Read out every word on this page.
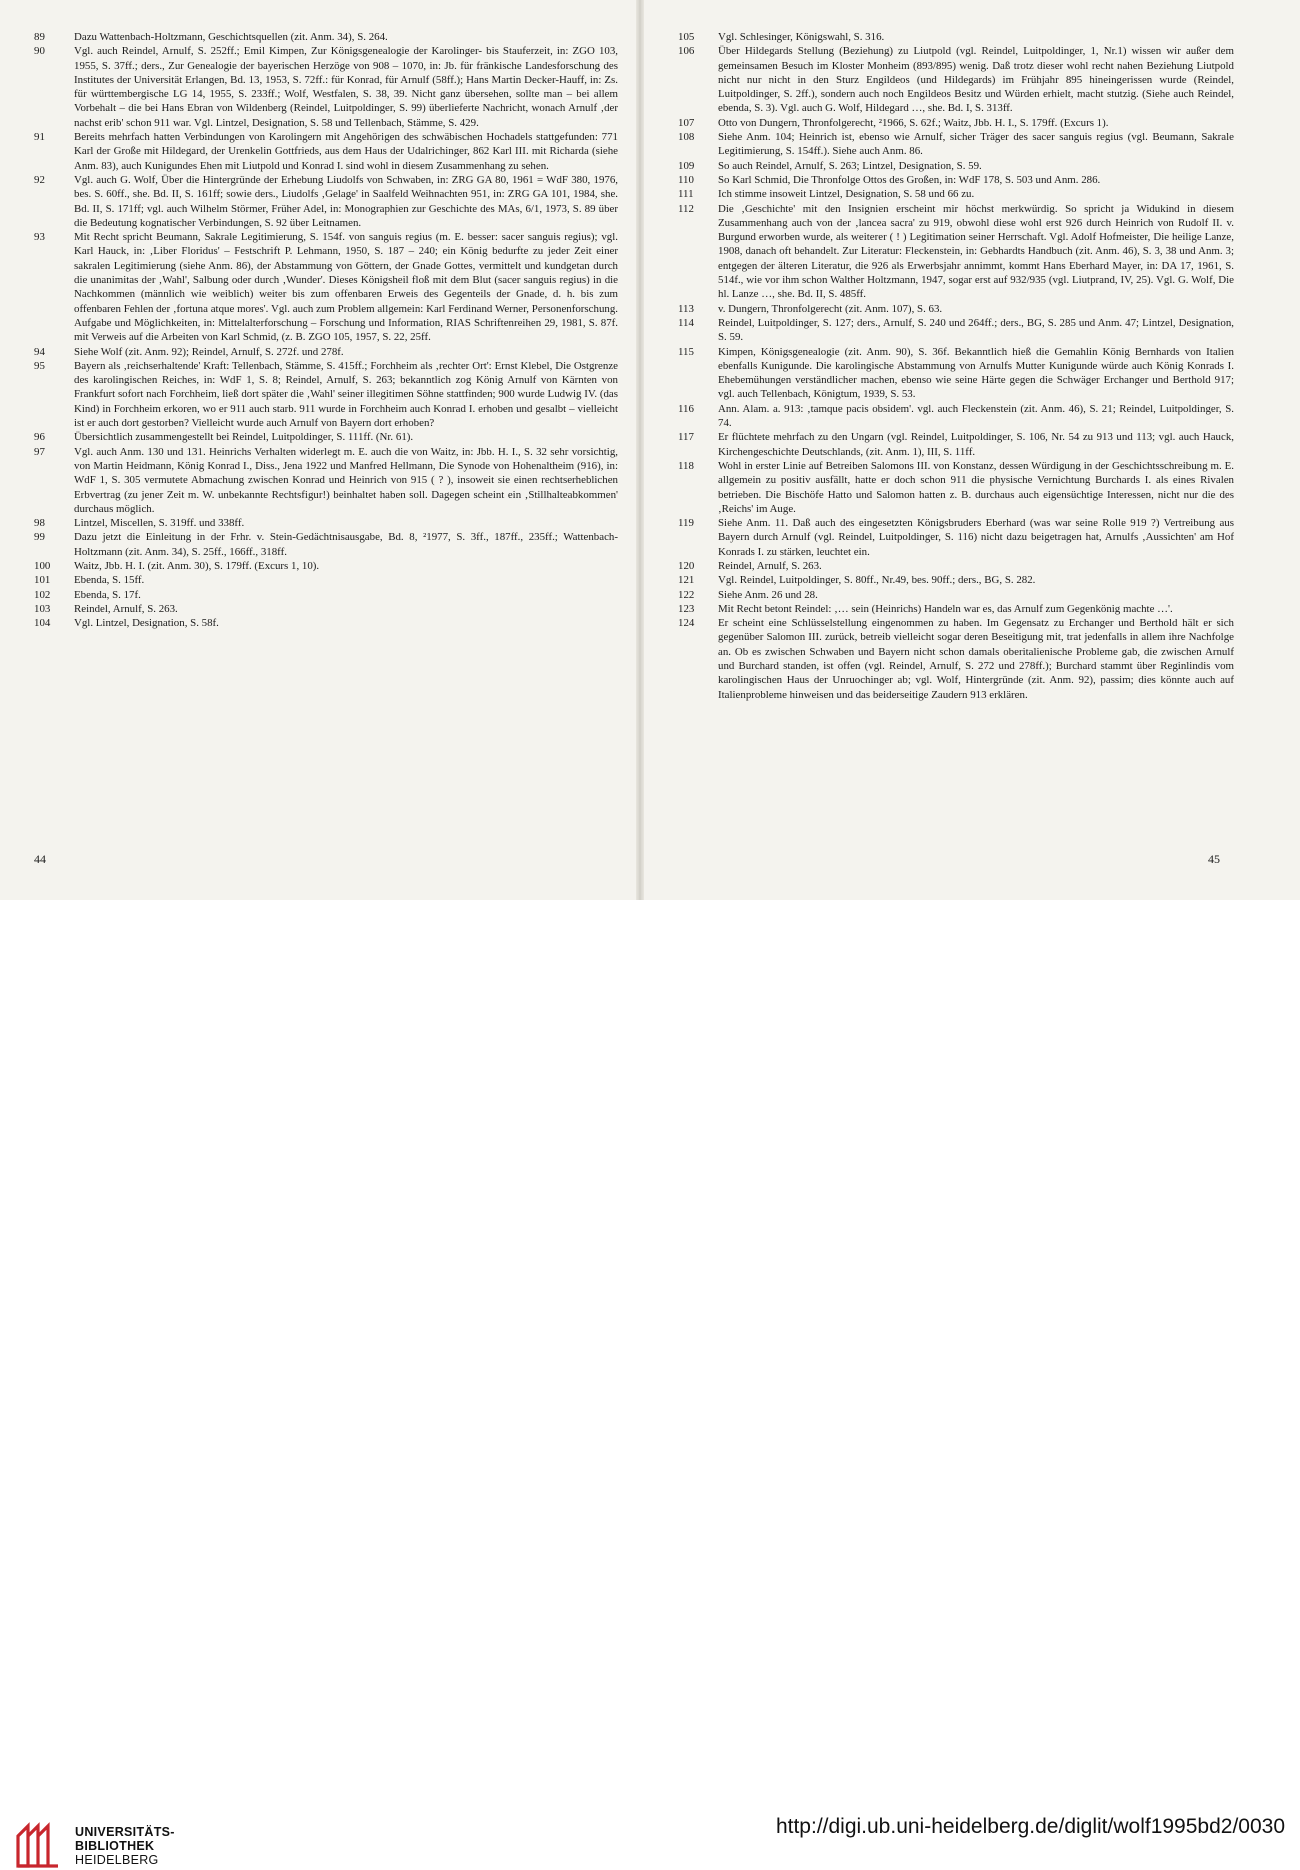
89	Dazu Wattenbach-Holtzmann, Geschichtsquellen (zit. Anm. 34), S. 264.
90	Vgl. auch Reindel, Arnulf, S. 252ff.; Emil Kimpen, Zur Königsgenealogie der Karolinger- bis Stauferzeit, in: ZGO 103, 1955, S. 37ff.; ders., Zur Genealogie der bayerischen Herzöge von 908 – 1070, in: Jb. für fränkische Landesforschung des Institutes der Universität Erlangen, Bd. 13, 1953, S. 72ff.: für Konrad, für Arnulf (58ff.); Hans Martin Decker-Hauff, in: Zs. für württembergische LG 14, 1955, S. 233ff.; Wolf, Westfalen, S. 38, 39. Nicht ganz übersehen, sollte man – bei allem Vorbehalt – die bei Hans Ebran von Wildenberg (Reindel, Luitpoldinger, S. 99) überlieferte Nachricht, wonach Arnulf ‚der nachst erib' schon 911 war. Vgl. Lintzel, Designation, S. 58 und Tellenbach, Stämme, S. 429.
91	Bereits mehrfach hatten Verbindungen von Karolingern mit Angehörigen des schwäbischen Hochadels stattgefunden: 771 Karl der Große mit Hildegard, der Urenkelin Gottfrieds, aus dem Haus der Udalrichinger, 862 Karl III. mit Richarda (siehe Anm. 83), auch Kunigundes Ehen mit Liutpold und Konrad I. sind wohl in diesem Zusammenhang zu sehen.
92	Vgl. auch G. Wolf, Über die Hintergründe der Erhebung Liudolfs von Schwaben, in: ZRG GA 80, 1961 = WdF 380, 1976, bes. S. 60ff., she. Bd. II, S. 161ff; sowie ders., Liudolfs ‚Gelage' in Saalfeld Weihnachten 951, in: ZRG GA 101, 1984, she. Bd. II, S. 171ff; vgl. auch Wilhelm Störmer, Früher Adel, in: Monographien zur Geschichte des MAs, 6/1, 1973, S. 89 über die Bedeutung kognatischer Verbindungen, S. 92 über Leitnamen.
93	Mit Recht spricht Beumann, Sakrale Legitimierung, S. 154f. von sanguis regius (m. E. besser: sacer sanguis regius); vgl. Karl Hauck, in: ‚Liber Floridus' – Festschrift P. Lehmann, 1950, S. 187 – 240; ein König bedurfte zu jeder Zeit einer sakralen Legitimierung (siehe Anm. 86), der Abstammung von Göttern, der Gnade Gottes, vermittelt und kundgetan durch die unanimitas der ‚Wahl', Salbung oder durch ‚Wunder'. Dieses Königsheil floß mit dem Blut (sacer sanguis regius) in die Nachkommen (männlich wie weiblich) weiter bis zum offenbaren Erweis des Gegenteils der Gnade, d. h. bis zum offenbaren Fehlen der ‚fortuna atque mores'. Vgl. auch zum Problem allgemein: Karl Ferdinand Werner, Personenforschung. Aufgabe und Möglichkeiten, in: Mittelalterforschung – Forschung und Information, RIAS Schriftenreihen 29, 1981, S. 87f. mit Verweis auf die Arbeiten von Karl Schmid, (z. B. ZGO 105, 1957, S. 22, 25ff.
94	Siehe Wolf (zit. Anm. 92); Reindel, Arnulf, S. 272f. und 278f.
95	Bayern als ‚reichserhaltende' Kraft: Tellenbach, Stämme, S. 415ff.; Forchheim als ‚rechter Ort': Ernst Klebel, Die Ostgrenze des karolingischen Reiches, in: WdF 1, S. 8; Reindel, Arnulf, S. 263; bekanntlich zog König Arnulf von Kärnten von Frankfurt sofort nach Forchheim, ließ dort später die ‚Wahl' seiner illegitimen Söhne stattfinden; 900 wurde Ludwig IV. (das Kind) in Forchheim erkoren, wo er 911 auch starb. 911 wurde in Forchheim auch Konrad I. erhoben und gesalbt – vielleicht ist er auch dort gestorben? Vielleicht wurde auch Arnulf von Bayern dort erhoben?
96	Übersichtlich zusammengestellt bei Reindel, Luitpoldinger, S. 111ff. (Nr. 61).
97	Vgl. auch Anm. 130 und 131. Heinrichs Verhalten widerlegt m. E. auch die von Waitz, in: Jbb. H. I., S. 32 sehr vorsichtig, von Martin Heidmann, König Konrad I., Diss., Jena 1922 und Manfred Hellmann, Die Synode von Hohenaltheim (916), in: WdF 1, S. 305 vermutete Abmachung zwischen Konrad und Heinrich von 915 ( ? ), insoweit sie einen rechtserheblichen Erbvertrag (zu jener Zeit m. W. unbekannte Rechtsfigur!) beinhaltet haben soll. Dagegen scheint ein ‚Stillhalteabkommen' durchaus möglich.
98	Lintzel, Miscellen, S. 319ff. und 338ff.
99	Dazu jetzt die Einleitung in der Frhr. v. Stein-Gedächtnisausgabe, Bd. 8, ²1977, S. 3ff., 187ff., 235ff.; Wattenbach-Holtzmann (zit. Anm. 34), S. 25ff., 166ff., 318ff.
100	Waitz, Jbb. H. I. (zit. Anm. 30), S. 179ff. (Excurs 1, 10).
101	Ebenda, S. 15ff.
102	Ebenda, S. 17f.
103	Reindel, Arnulf, S. 263.
104	Vgl. Lintzel, Designation, S. 58f.
105	Vgl. Schlesinger, Königswahl, S. 316.
106	Über Hildegards Stellung (Beziehung) zu Liutpold (vgl. Reindel, Luitpoldinger, 1, Nr.1) wissen wir außer dem gemeinsamen Besuch im Kloster Monheim (893/895) wenig. Daß trotz dieser wohl recht nahen Beziehung Liutpold nicht nur nicht in den Sturz Engildeos (und Hildegards) im Frühjahr 895 hineingerissen wurde (Reindel, Luitpoldinger, S. 2ff.), sondern auch noch Engildeos Besitz und Würden erhielt, macht stutzig. (Siehe auch Reindel, ebenda, S. 3). Vgl. auch G. Wolf, Hildegard …, she. Bd. I, S. 313ff.
107	Otto von Dungern, Thronfolgerecht, ²1966, S. 62f.; Waitz, Jbb. H. I., S. 179ff. (Excurs 1).
108	Siehe Anm. 104; Heinrich ist, ebenso wie Arnulf, sicher Träger des sacer sanguis regius (vgl. Beumann, Sakrale Legitimierung, S. 154ff.). Siehe auch Anm. 86.
109	So auch Reindel, Arnulf, S. 263; Lintzel, Designation, S. 59.
110	So Karl Schmid, Die Thronfolge Ottos des Großen, in: WdF 178, S. 503 und Anm. 286.
111	Ich stimme insoweit Lintzel, Designation, S. 58 und 66 zu.
112	Die ‚Geschichte' mit den Insignien erscheint mir höchst merkwürdig. So spricht ja Widukind in diesem Zusammenhang auch von der ‚lancea sacra' zu 919, obwohl diese wohl erst 926 durch Heinrich von Rudolf II. v. Burgund erworben wurde, als weiterer ( ! ) Legitimation seiner Herrschaft. Vgl. Adolf Hofmeister, Die heilige Lanze, 1908, danach oft behandelt. Zur Literatur: Fleckenstein, in: Gebhardts Handbuch (zit. Anm. 46), S. 3, 38 und Anm. 3; entgegen der älteren Literatur, die 926 als Erwerbsjahr annimmt, kommt Hans Eberhard Mayer, in: DA 17, 1961, S. 514f., wie vor ihm schon Walther Holtzmann, 1947, sogar erst auf 932/935 (vgl. Liutprand, IV, 25). Vgl. G. Wolf, Die hl. Lanze …, she. Bd. II, S. 485ff.
113	v. Dungern, Thronfolgerecht (zit. Anm. 107), S. 63.
114	Reindel, Luitpoldinger, S. 127; ders., Arnulf, S. 240 und 264ff.; ders., BG, S. 285 und Anm. 47; Lintzel, Designation, S. 59.
115	Kimpen, Königsgenealogie (zit. Anm. 90), S. 36f. Bekanntlich hieß die Gemahlin König Bernhards von Italien ebenfalls Kunigunde. Die karolingische Abstammung von Arnulfs Mutter Kunigunde würde auch König Konrads I. Ehebemühungen verständlicher machen, ebenso wie seine Härte gegen die Schwäger Erchanger und Berthold 917; vgl. auch Tellenbach, Königtum, 1939, S. 53.
116	Ann. Alam. a. 913: ‚tamque pacis obsidem'. vgl. auch Fleckenstein (zit. Anm. 46), S. 21; Reindel, Luitpoldinger, S. 74.
117	Er flüchtete mehrfach zu den Ungarn (vgl. Reindel, Luitpoldinger, S. 106, Nr. 54 zu 913 und 113; vgl. auch Hauck, Kirchengeschichte Deutschlands, (zit. Anm. 1), III, S. 11ff.
118	Wohl in erster Linie auf Betreiben Salomons III. von Konstanz, dessen Würdigung in der Geschichtsschreibung m. E. allgemein zu positiv ausfällt, hatte er doch schon 911 die physische Vernichtung Burchards I. als eines Rivalen betrieben. Die Bischöfe Hatto und Salomon hatten z. B. durchaus auch eigensüchtige Interessen, nicht nur die des ‚Reichs' im Auge.
119	Siehe Anm. 11. Daß auch des eingesetzten Königsbruders Eberhard (was war seine Rolle 919 ?) Vertreibung aus Bayern durch Arnulf (vgl. Reindel, Luitpoldinger, S. 116) nicht dazu beigetragen hat, Arnulfs ‚Aussichten' am Hof Konrads I. zu stärken, leuchtet ein.
120	Reindel, Arnulf, S. 263.
121	Vgl. Reindel, Luitpoldinger, S. 80ff., Nr.49, bes. 90ff.; ders., BG, S. 282.
122	Siehe Anm. 26 und 28.
123	Mit Recht betont Reindel: ‚… sein (Heinrichs) Handeln war es, das Arnulf zum Gegenkönig machte …'.
124	Er scheint eine Schlüsselstellung eingenommen zu haben. Im Gegensatz zu Erchanger und Berthold hält er sich gegenüber Salomon III. zurück, betreib vielleicht sogar deren Beseitigung mit, trat jedenfalls in allem ihre Nachfolge an. Ob es zwischen Schwaben und Bayern nicht schon damals oberitalienische Probleme gab, die zwischen Arnulf und Burchard standen, ist offen (vgl. Reindel, Arnulf, S. 272 und 278ff.); Burchard stammt über Reginlindis vom karolingischen Haus der Unruochinger ab; vgl. Wolf, Hintergründe (zit. Anm. 92), passim; dies könnte auch auf Italienprobleme hinweisen und das beiderseitige Zaudern 913 erklären.
44	45
UNIVERSITÄTS-
BIBLIOTHEK
HEIDELBERG
http://digi.ub.uni-heidelberg.de/diglit/wolf1995bd2/0030
